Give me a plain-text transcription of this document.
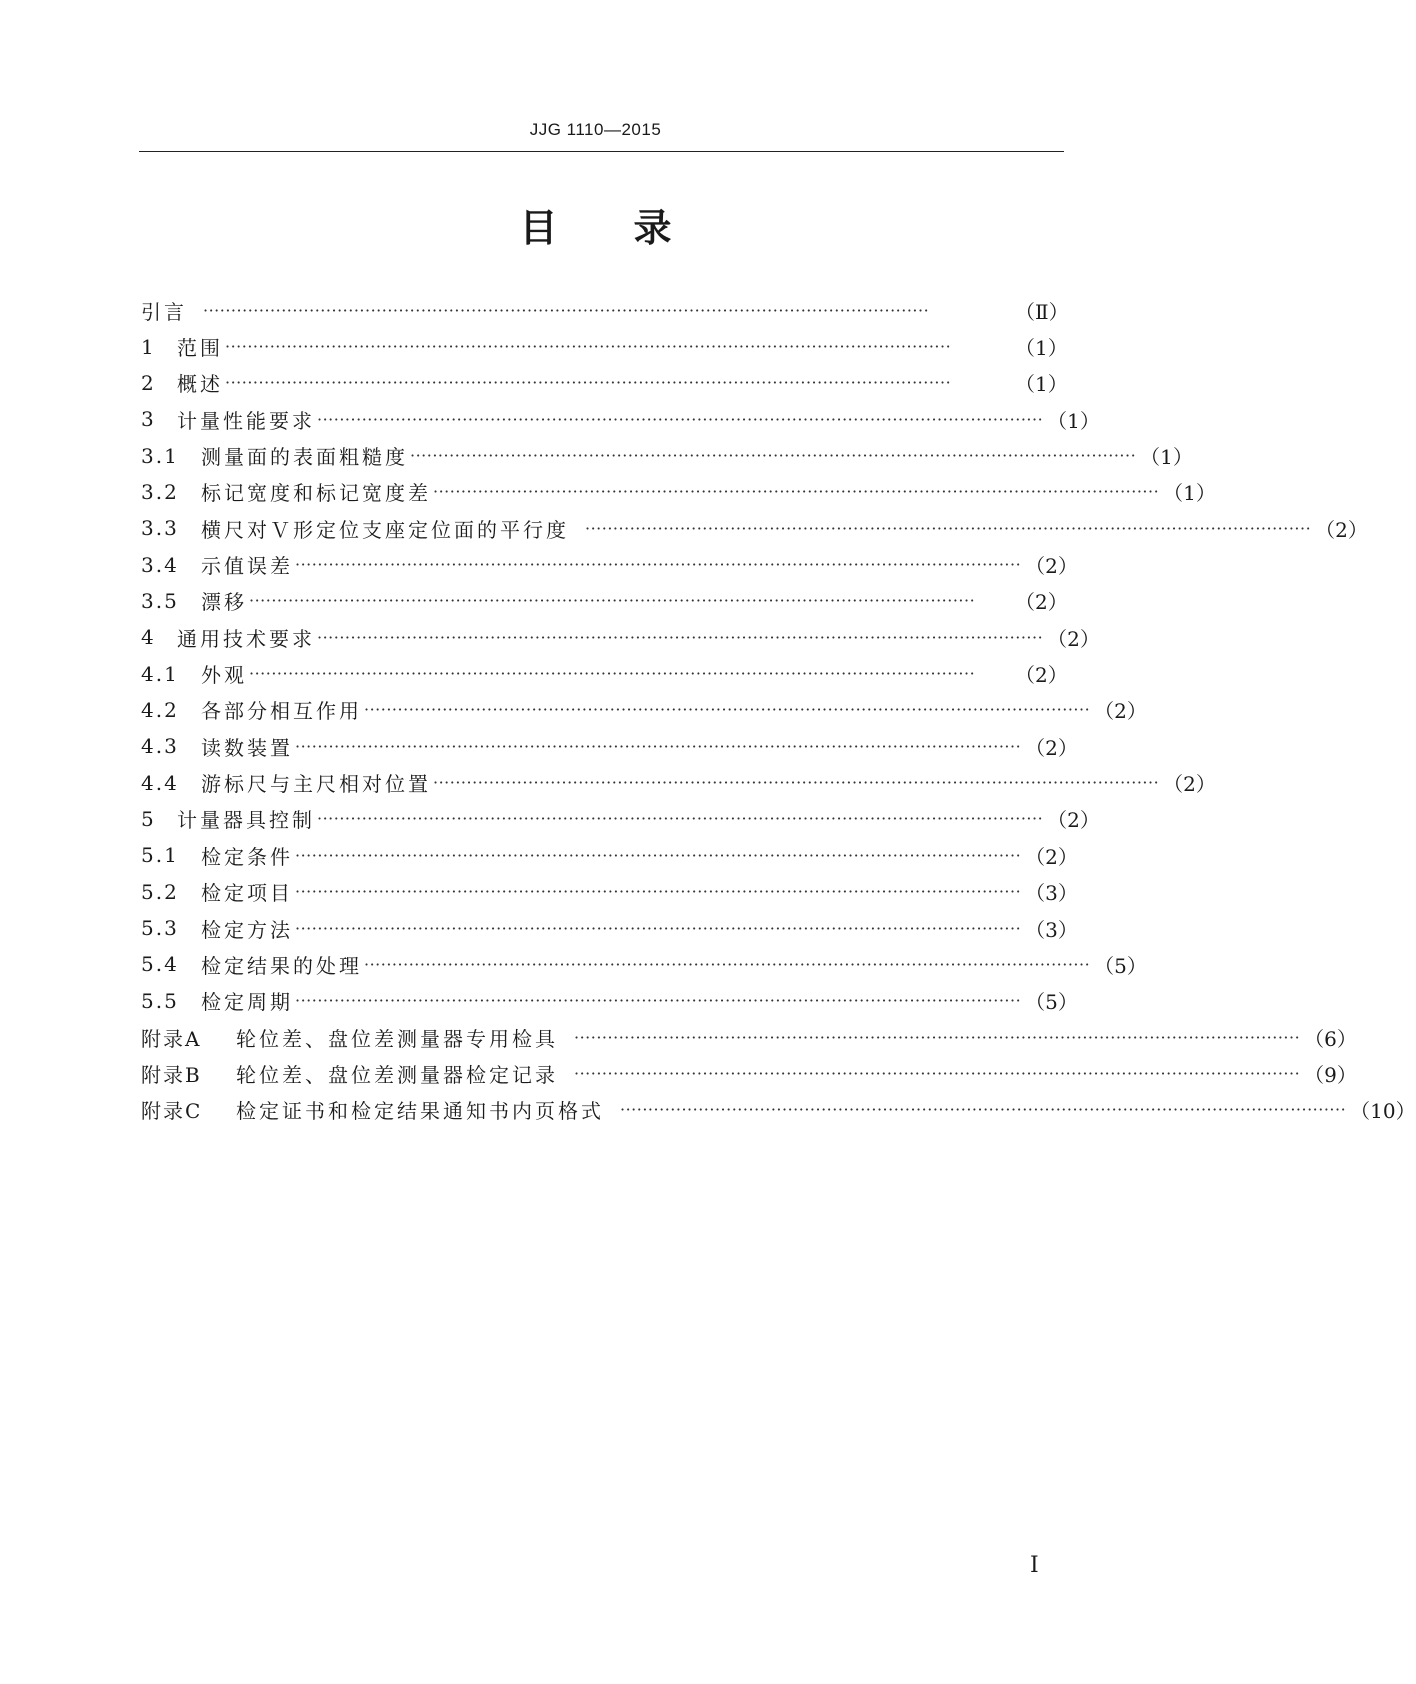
JJG 1110—2015
目录
引言 ··································································································································	（Ⅱ）
1	范围 ··································································································································	（1）
2	概述 ··································································································································	（1）
3	计量性能要求 ·································································································································· （1）
3.1	测量面的表面粗糙度 ·································································································································· （1）
3.2	标记宽度和标记宽度差 ·································································································································· （1）
3.3	横尺对Ｖ形定位支座定位面的平行度 ·································································································································· （2）
3.4	示值误差 ·································································································································· （2）
3.5	漂移 ··································································································································	（2）
4	通用技术要求 ·································································································································· （2）
4.1	外观 ··································································································································	（2）
4.2	各部分相互作用 ·································································································································· （2）
4.3	读数装置 ·································································································································· （2）
4.4	游标尺与主尺相对位置 ·································································································································· （2）
5	计量器具控制 ·································································································································· （2）
5.1	检定条件 ·································································································································· （2）
5.2	检定项目 ·································································································································· （3）
5.3	检定方法 ·································································································································· （3）
5.4	检定结果的处理 ·································································································································· （5）
5.5	检定周期 ·································································································································· （5）
附录A	轮位差、盘位差测量器专用检具 ·································································································································· （6）
附录B	轮位差、盘位差测量器检定记录 ·································································································································· （9）
附录C	检定证书和检定结果通知书内页格式 ·································································································································· （10）
Ⅰ
